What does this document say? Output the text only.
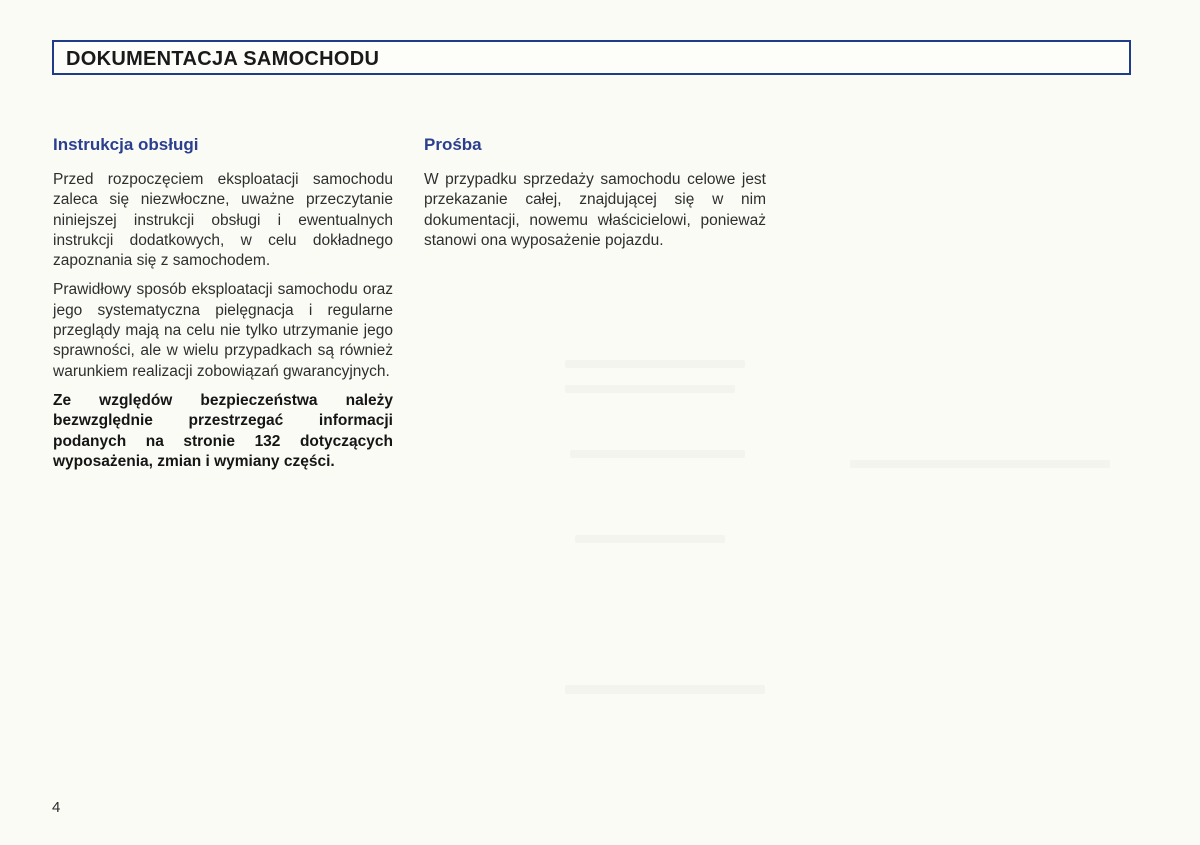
DOKUMENTACJA SAMOCHODU
Instrukcja obsługi

Przed rozpoczęciem eksploatacji samochodu zaleca się niezwłoczne, uważne przeczytanie niniejszej instrukcji obsługi i ewentualnych instrukcji dodatkowych, w celu dokładnego zapoznania się z samochodem.

Prawidłowy sposób eksploatacji samochodu oraz jego systematyczna pielęgnacja i regularne przeglądy mają na celu nie tylko utrzymanie jego sprawności, ale w wielu przypadkach są również warunkiem realizacji zobowiązań gwarancyjnych.

Ze względów bezpieczeństwa należy bezwzględnie przestrzegać informacji podanych na stronie 132 dotyczących wyposażenia, zmian i wymiany części.

Prośba

W przypadku sprzedaży samochodu celowe jest przekazanie całej, znajdującej się w nim dokumentacji, nowemu właścicielowi, ponieważ stanowi ona wyposażenie pojazdu.

4
